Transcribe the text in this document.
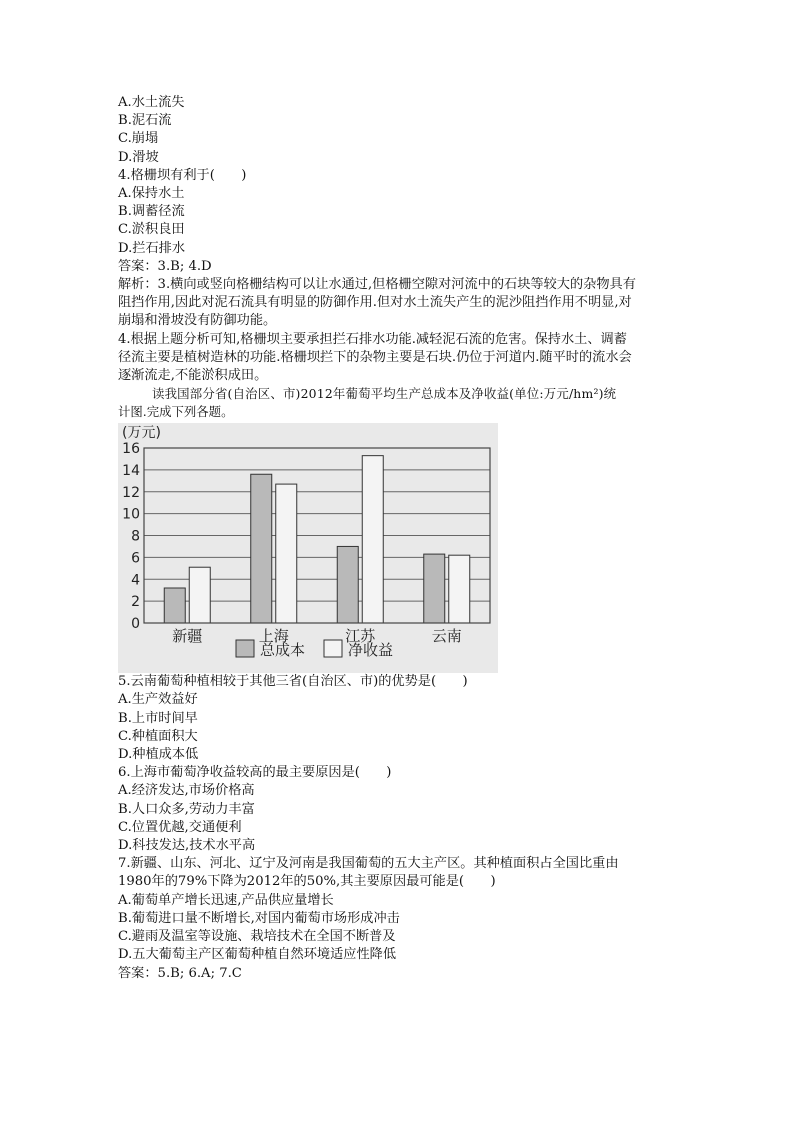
A.水土流失
B.泥石流
C.崩塌
D.滑坡
4.格栅坝有利于(　　)
A.保持水土
B.调蓄径流
C.淤积良田
D.拦石排水
答案：3.B; 4.D
解析：3.横向或竖向格栅结构可以让水通过,但格栅空隙对河流中的石块等较大的杂物具有
阻挡作用,因此对泥石流具有明显的防御作用.但对水土流失产生的泥沙阻挡作用不明显,对
崩塌和滑坡没有防御功能。
4.根据上题分析可知,格栅坝主要承担拦石排水功能.减轻泥石流的危害。保持水土、调蓄
径流主要是植树造林的功能.格栅坝拦下的杂物主要是石块.仍位于河道内.随平时的流水会
逐渐流走,不能淤积成田。
读我国部分省(自治区、市)2012年葡萄平均生产总成本及净收益(单位:万元/hm²)统
计图.完成下列各题。
(万元)
0
2
4
6
8
10
12
14
16
新疆	上海	江苏	云南
总成本	净收益
5.云南葡萄种植相较于其他三省(自治区、市)的优势是(　　)
A.生产效益好
B.上市时间早
C.种植面积大
D.种植成本低
6.上海市葡萄净收益较高的最主要原因是(　　)
A.经济发达,市场价格高
B.人口众多,劳动力丰富
C.位置优越,交通便利
D.科技发达,技术水平高
7.新疆、山东、河北、辽宁及河南是我国葡萄的五大主产区。其种植面积占全国比重由
1980年的79%下降为2012年的50%,其主要原因最可能是(　　)
A.葡萄单产增长迅速,产品供应量增长
B.葡萄进口量不断增长,对国内葡萄市场形成冲击
C.避雨及温室等设施、栽培技术在全国不断普及
D.五大葡萄主产区葡萄种植自然环境适应性降低
答案：5.B; 6.A; 7.C
